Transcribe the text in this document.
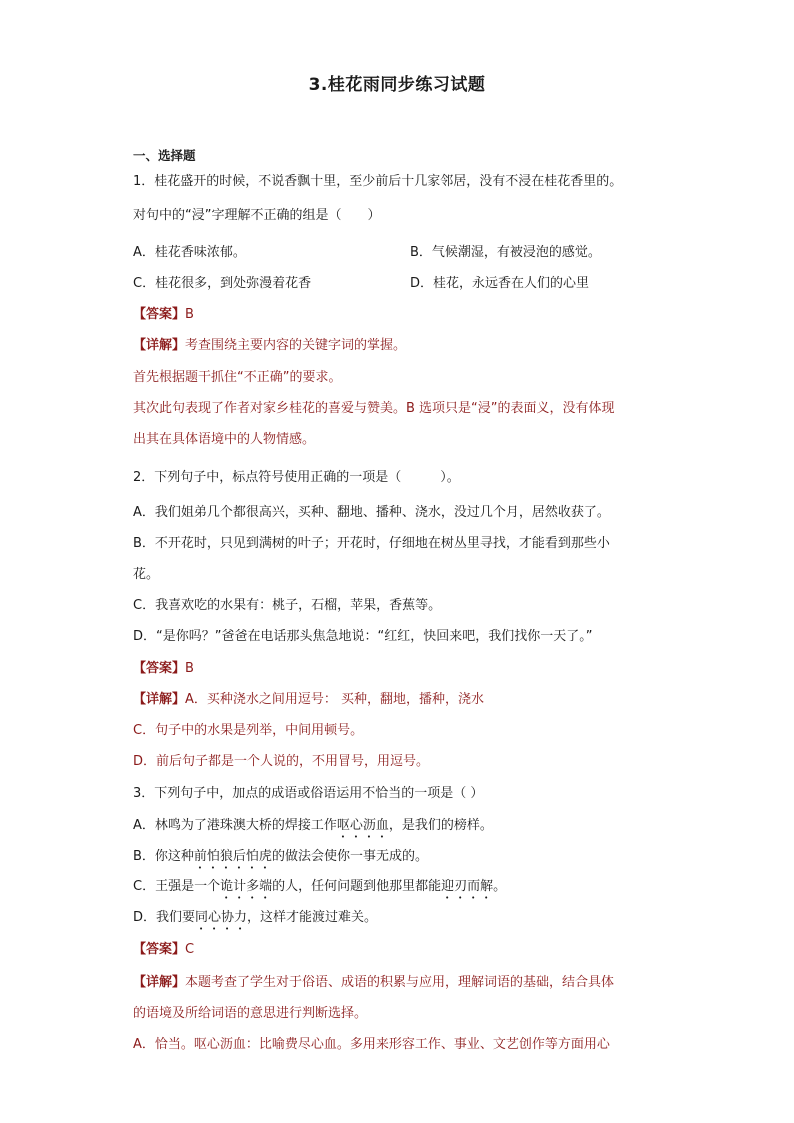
3.桂花雨同步练习试题
一、选择题
1．桂花盛开的时候，不说香飘十里，至少前后十几家邻居，没有不浸在桂花香里的。
对句中的“浸”字理解不正确的组是（　　）
A．桂花香味浓郁。	B．气候潮湿，有被浸泡的感觉。
C．桂花很多，到处弥漫着花香	D．桂花，永远香在人们的心里
【答案】B
【详解】考查围绕主要内容的关键字词的掌握。
首先根据题干抓住“不正确”的要求。
其次此句表现了作者对家乡桂花的喜爱与赞美。B 选项只是“浸”的表面义，没有体现
出其在具体语境中的人物情感。
2．下列句子中，标点符号使用正确的一项是（　　　）。
A．我们姐弟几个都很高兴，买种、翻地、播种、浇水，没过几个月，居然收获了。
B．不开花时，只见到满树的叶子；开花时，仔细地在树丛里寻找，才能看到那些小
花。
C．我喜欢吃的水果有：桃子，石榴，苹果，香蕉等。
D．“是你吗？”爸爸在电话那头焦急地说：“红红，快回来吧，我们找你一天了。”
【答案】B
【详解】A．买种浇水之间用逗号： 买种，翻地，播种，浇水
C．句子中的水果是列举，中间用顿号。
D．前后句子都是一个人说的，不用冒号，用逗号。
3．下列句子中，加点的成语或俗语运用不恰当的一项是（ ）
A．林鸣为了港珠澳大桥的焊接工作呕心沥血，是我们的榜样。
B．你这种前怕狼后怕虎的做法会使你一事无成的。
C．王强是一个诡计多端的人，任何问题到他那里都能迎刃而解。
D．我们要同心协力，这样才能渡过难关。
【答案】C
【详解】本题考查了学生对于俗语、成语的积累与应用，理解词语的基础，结合具体
的语境及所给词语的意思进行判断选择。
A．恰当。呕心沥血：比喻费尽心血。多用来形容工作、事业、文艺创作等方面用心
